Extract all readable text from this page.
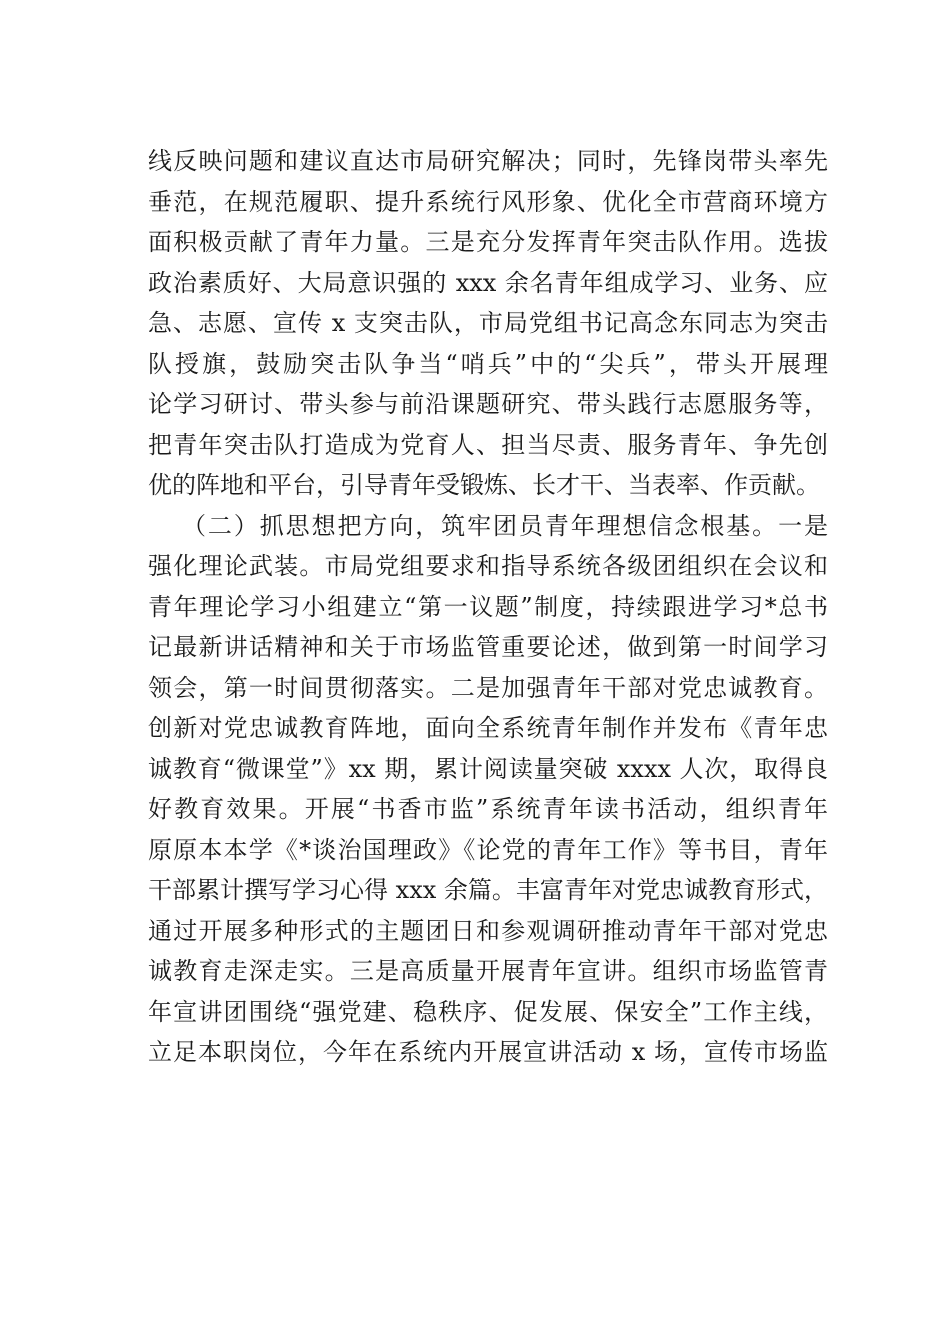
线反映问题和建议直达市局研究解决；同时，先锋岗带头率先
垂范，在规范履职、提升系统行风形象、优化全市营商环境方
面积极贡献了青年力量。三是充分发挥青年突击队作用。选拔
政治素质好、大局意识强的 xxx 余名青年组成学习、业务、应
急、志愿、宣传 x 支突击队，市局党组书记高念东同志为突击
队授旗，鼓励突击队争当“哨兵”中的“尖兵”，带头开展理
论学习研讨、带头参与前沿课题研究、带头践行志愿服务等，
把青年突击队打造成为党育人、担当尽责、服务青年、争先创
优的阵地和平台，引导青年受锻炼、长才干、当表率、作贡献。
（二）抓思想把方向，筑牢团员青年理想信念根基。一是
强化理论武装。市局党组要求和指导系统各级团组织在会议和
青年理论学习小组建立“第一议题”制度，持续跟进学习*总书
记最新讲话精神和关于市场监管重要论述，做到第一时间学习
领会，第一时间贯彻落实。二是加强青年干部对党忠诚教育。
创新对党忠诚教育阵地，面向全系统青年制作并发布《青年忠
诚教育“微课堂”》xx 期，累计阅读量突破 xxxx 人次，取得良
好教育效果。开展“书香市监”系统青年读书活动，组织青年
原原本本学《*谈治国理政》《论党的青年工作》等书目，青年
干部累计撰写学习心得 xxx 余篇。丰富青年对党忠诚教育形式，
通过开展多种形式的主题团日和参观调研推动青年干部对党忠
诚教育走深走实。三是高质量开展青年宣讲。组织市场监管青
年宣讲团围绕“强党建、稳秩序、促发展、保安全”工作主线，
立足本职岗位，今年在系统内开展宣讲活动 x 场，宣传市场监
